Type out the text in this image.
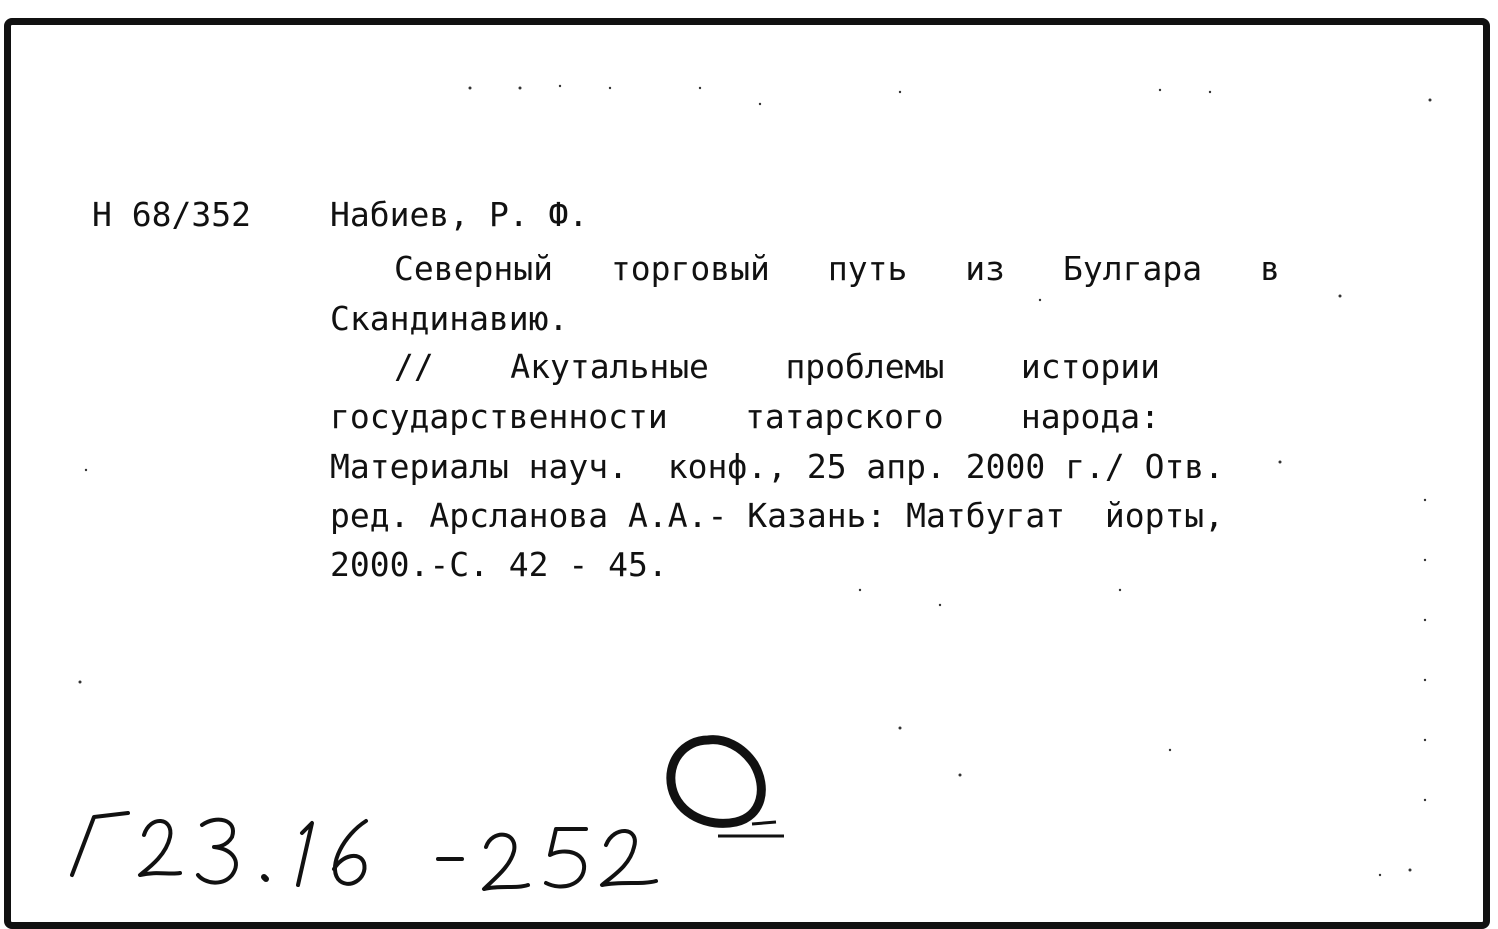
Н 68/352 Набиев, Р. Ф.
Северный торговый путь из Булгара в
Скандинавию.
// Акутальные проблемы истории
государственности татарского народа:
Материалы науч.  конф., 25 апр. 2000 г./ Отв.
ред. Арсланова А.А.- Казань: Матбугат  йорты,
2000.-С. 42 - 45.
